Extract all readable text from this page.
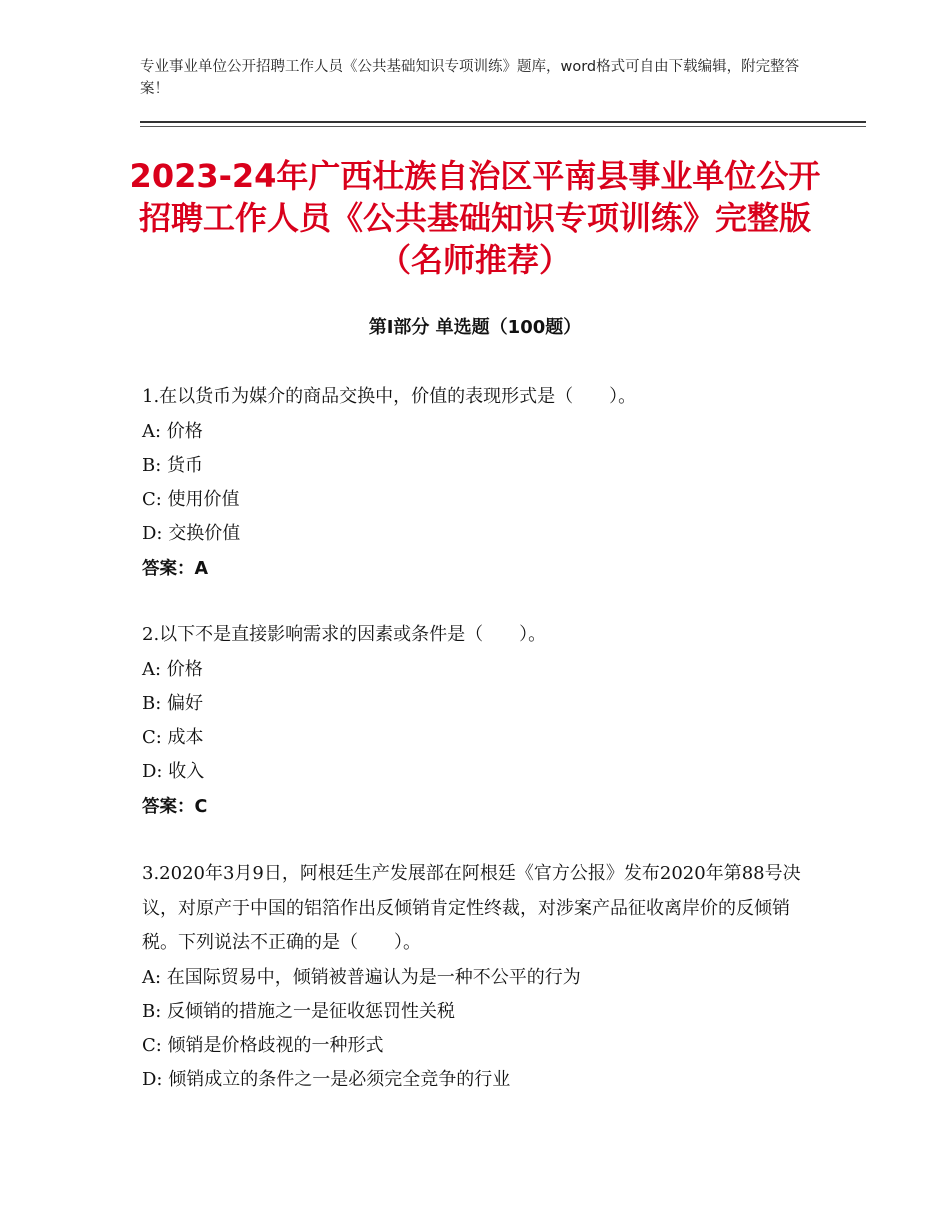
专业事业单位公开招聘工作人员《公共基础知识专项训练》题库，word格式可自由下载编辑，附完整答案！
2023-24年广西壮族自治区平南县事业单位公开招聘工作人员《公共基础知识专项训练》完整版（名师推荐）
第Ⅰ部分 单选题（100题）
1.在以货币为媒介的商品交换中，价值的表现形式是（　　）。
A: 价格
B: 货币
C: 使用价值
D: 交换价值
答案：A
2.以下不是直接影响需求的因素或条件是（　　）。
A: 价格
B: 偏好
C: 成本
D: 收入
答案：C
3.2020年3月9日，阿根廷生产发展部在阿根廷《官方公报》发布2020年第88号决议，对原产于中国的铝箔作出反倾销肯定性终裁，对涉案产品征收离岸价的反倾销税。下列说法不正确的是（　　）。
A: 在国际贸易中，倾销被普遍认为是一种不公平的行为
B: 反倾销的措施之一是征收惩罚性关税
C: 倾销是价格歧视的一种形式
D: 倾销成立的条件之一是必须完全竞争的行业
